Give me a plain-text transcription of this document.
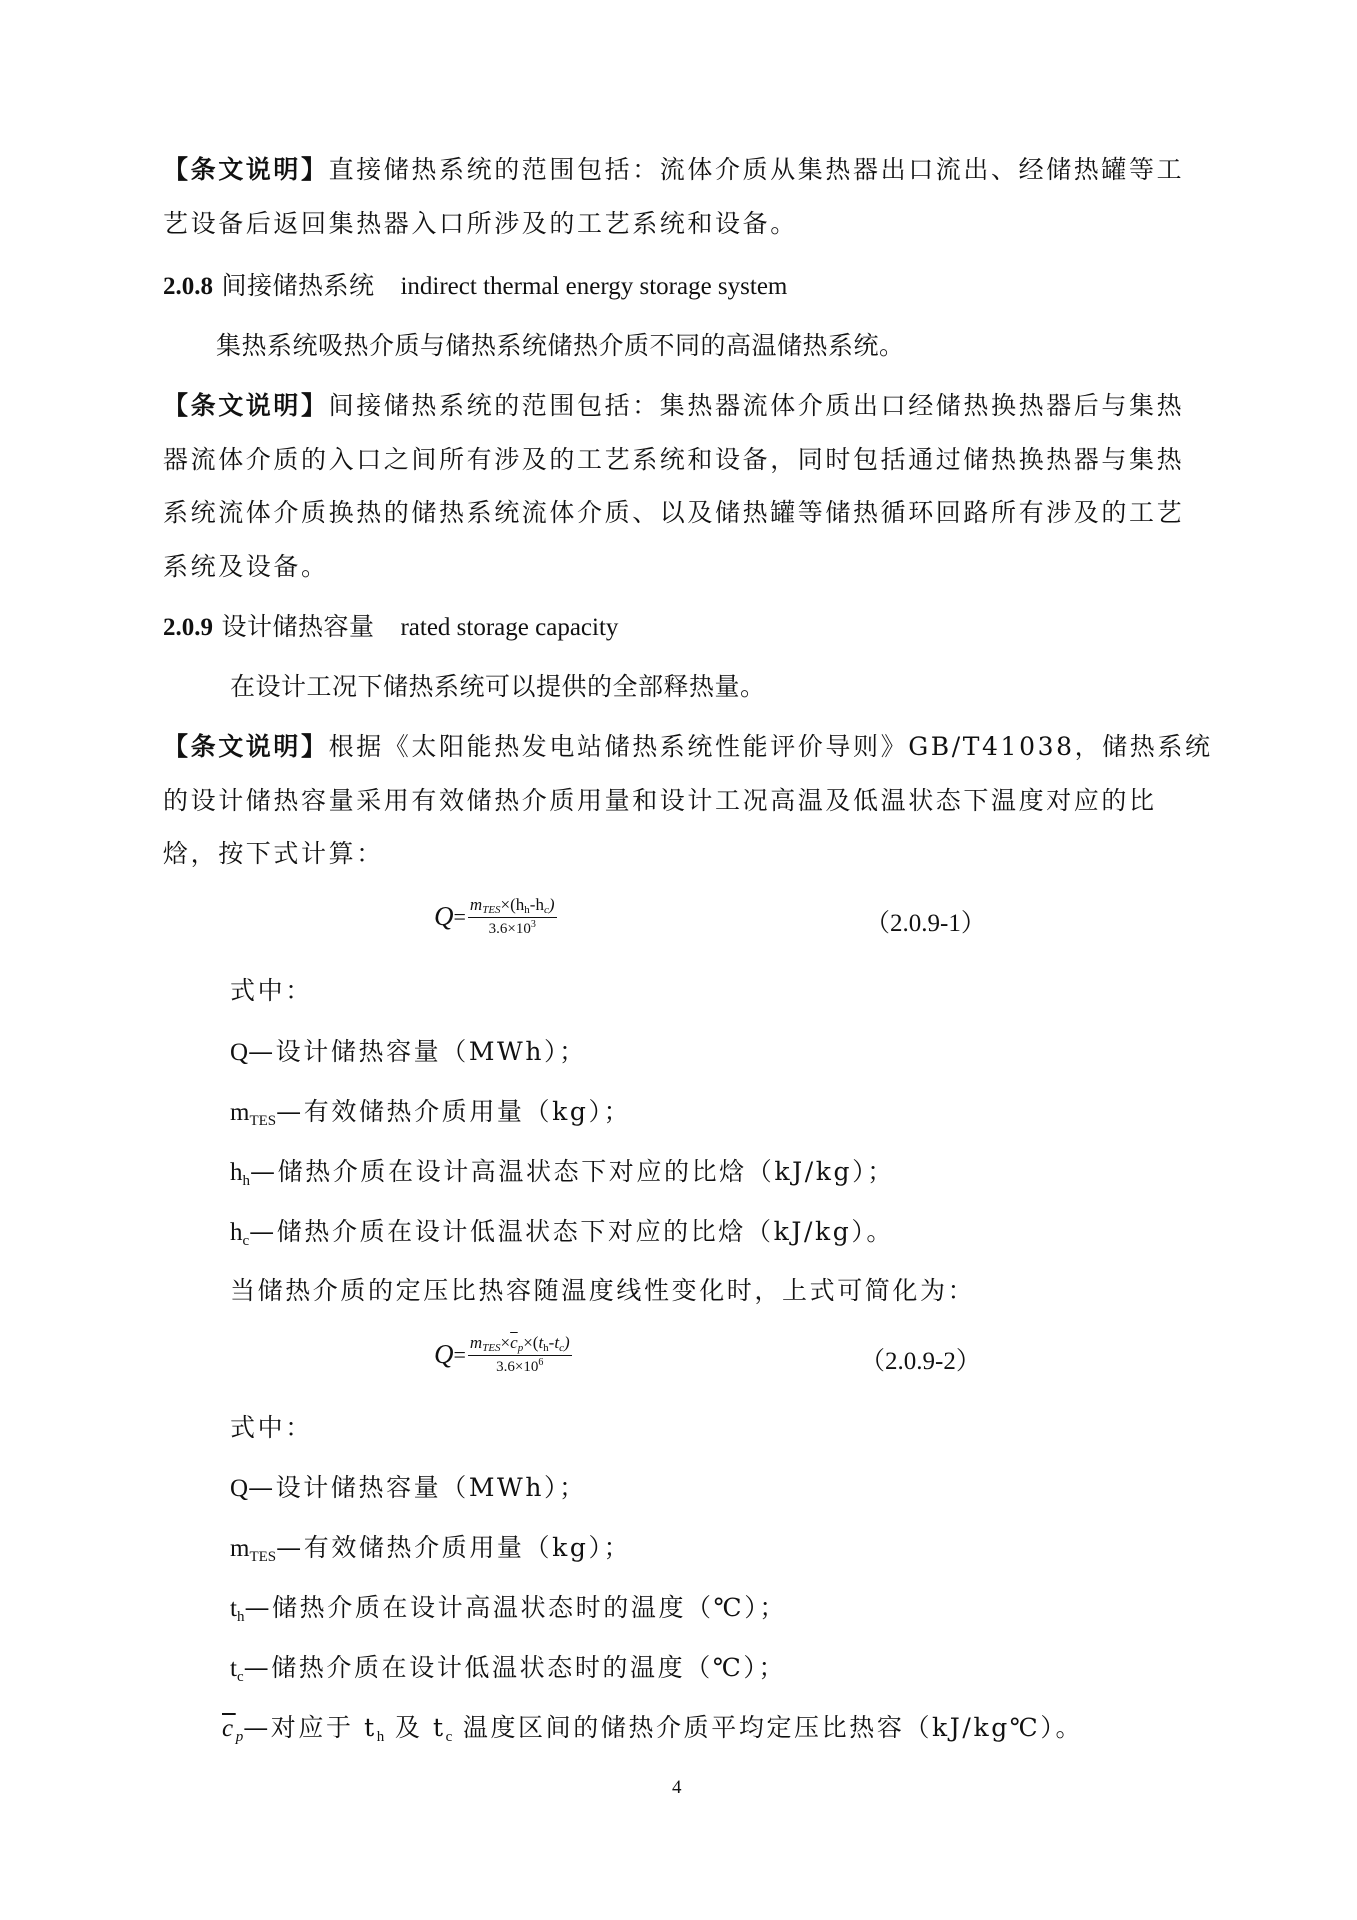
【条文说明】直接储热系统的范围包括：流体介质从集热器出口流出、经储热罐等工
艺设备后返回集热器入口所涉及的工艺系统和设备。
2.0.8 间接储热系统 indirect thermal energy storage system
集热系统吸热介质与储热系统储热介质不同的高温储热系统。
【条文说明】间接储热系统的范围包括：集热器流体介质出口经储热换热器后与集热
器流体介质的入口之间所有涉及的工艺系统和设备，同时包括通过储热换热器与集热
系统流体介质换热的储热系统流体介质、以及储热罐等储热循环回路所有涉及的工艺
系统及设备。
2.0.9 设计储热容量 rated storage capacity
在设计工况下储热系统可以提供的全部释热量。
【条文说明】根据《太阳能热发电站储热系统性能评价导则》GB/T41038，储热系统
的设计储热容量采用有效储热介质用量和设计工况高温及低温状态下温度对应的比
焓，按下式计算：
$Q = \frac{\text{mTES×(hh-hc)}}{3.6\times 10^3}$	（2.0.9-1）
式中：
Q—设计储热容量（MWh）；
$m_{TES}—$有效储热介质用量（kg）；
$h_h—$储热介质在设计高温状态下对应的比焓（kJ/kg）；
$h_c—$储热介质在设计低温状态下对应的比焓（kJ/kg）。
当储热介质的定压比热容随温度线性变化时，上式可简化为：
$Q = \frac{mTES\times\overline{c}p\times(th-tc)}{3.6\times 10^6}$	（2.0.9-2）
式中：
Q—设计储热容量（MWh）；
$m_{TES}—$有效储热介质用量（kg）；
$t_h—$储热介质在设计高温状态时的温度（℃）；
$t_c—$储热介质在设计低温状态时的温度（℃）；
$\overline{c}_p—$对应于 $t_h$ 及 $t_c$ 温度区间的储热介质平均定压比热容（kJ/kg℃）。
4
